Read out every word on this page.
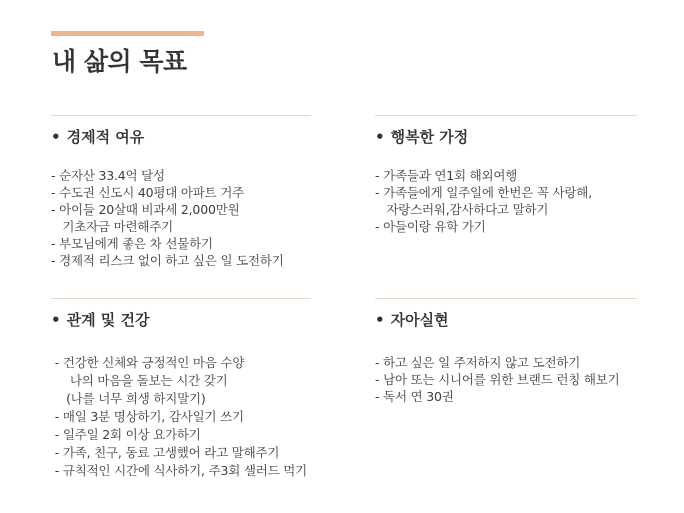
내 삶의 목표
• 경제적 여유
- 순자산 33.4억 달성
- 수도권 신도시 40평대 아파트 거주
- 아이들 20살때 비과세 2,000만원
기초자금 마련해주기
- 부모님에게 좋은 차 선물하기
- 경제적 리스크 없이 하고 싶은 일 도전하기
• 행복한 가정
- 가족들과 연1회 해외여행
- 가족들에게 일주일에 한번은 꼭 사랑해,
자랑스러워,감사하다고 말하기
- 아들이랑 유학 가기
• 관계 및 건강
- 건강한 신체와 긍정적인 마음 수양
나의 마음을 돌보는 시간 갖기
(나를 너무 희생 하지말기)
- 매일 3분 명상하기, 감사일기 쓰기
- 일주일 2회 이상 요가하기
- 가족, 친구, 동료 고생했어 라고 말해주기
- 규칙적인 시간에 식사하기, 주3회 샐러드 먹기
• 자아실현
- 하고 싶은 일 주저하지 않고 도전하기
- 남아 또는 시니어를 위한 브랜드 런칭 해보기
- 독서 연 30권
